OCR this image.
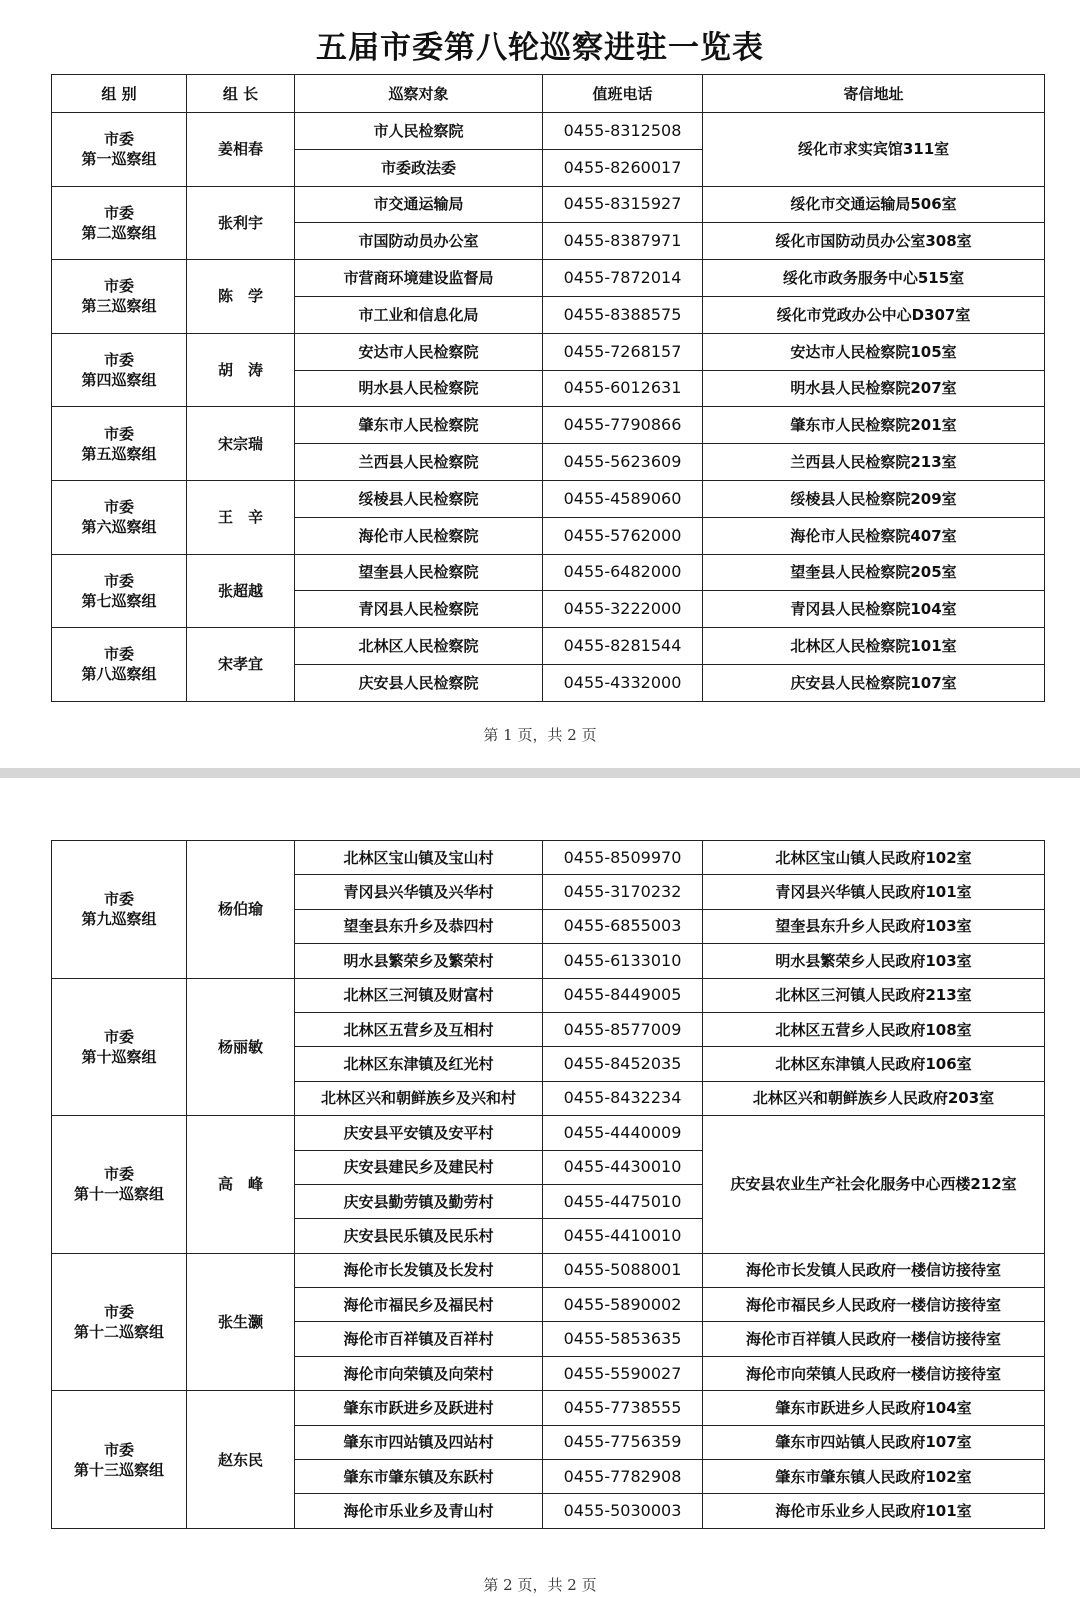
五届市委第八轮巡察进驻一览表
组 别	组 长	巡察对象	值班电话	寄信地址

市委
第一巡察组	姜相春	市人民检察院	0455-8312508	绥化市求实宾馆311室
		市委政法委	0455-8260017	

市委
第二巡察组	张利宇	市交通运输局	0455-8315927	绥化市交通运输局506室
		市国防动员办公室	0455-8387971	绥化市国防动员办公室308室

市委
第三巡察组	陈　学	市营商环境建设监督局	0455-7872014	绥化市政务服务中心515室
		市工业和信息化局	0455-8388575	绥化市党政办公中心D307室

市委
第四巡察组	胡　涛	安达市人民检察院	0455-7268157	安达市人民检察院105室
		明水县人民检察院	0455-6012631	明水县人民检察院207室

市委
第五巡察组	宋宗瑞	肇东市人民检察院	0455-7790866	肇东市人民检察院201室
		兰西县人民检察院	0455-5623609	兰西县人民检察院213室

市委
第六巡察组	王　辛	绥棱县人民检察院	0455-4589060	绥棱县人民检察院209室
		海伦市人民检察院	0455-5762000	海伦市人民检察院407室

市委
第七巡察组	张超越	望奎县人民检察院	0455-6482000	望奎县人民检察院205室
		青冈县人民检察院	0455-3222000	青冈县人民检察院104室

市委
第八巡察组	宋孝宜	北林区人民检察院	0455-8281544	北林区人民检察院101室
		庆安县人民检察院	0455-4332000	庆安县人民检察院107室
第 1 页，共 2 页
市委
第九巡察组	杨伯瑜	北林区宝山镇及宝山村	0455-8509970	北林区宝山镇人民政府102室
		青冈县兴华镇及兴华村	0455-3170232	青冈县兴华镇人民政府101室
		望奎县东升乡及恭四村	0455-6855003	望奎县东升乡人民政府103室
		明水县繁荣乡及繁荣村	0455-6133010	明水县繁荣乡人民政府103室

市委
第十巡察组	杨丽敏	北林区三河镇及财富村	0455-8449005	北林区三河镇人民政府213室
		北林区五营乡及互相村	0455-8577009	北林区五营乡人民政府108室
		北林区东津镇及红光村	0455-8452035	北林区东津镇人民政府106室
		北林区兴和朝鲜族乡及兴和村	0455-8432234	北林区兴和朝鲜族乡人民政府203室

市委
第十一巡察组	高　峰	庆安县平安镇及安平村	0455-4440009	庆安县农业生产社会化服务中心西楼212室
		庆安县建民乡及建民村	0455-4430010	
		庆安县勤劳镇及勤劳村	0455-4475010	
		庆安县民乐镇及民乐村	0455-4410010	

市委
第十二巡察组	张生灏	海伦市长发镇及长发村	0455-5088001	海伦市长发镇人民政府一楼信访接待室
		海伦市福民乡及福民村	0455-5890002	海伦市福民乡人民政府一楼信访接待室
		海伦市百祥镇及百祥村	0455-5853635	海伦市百祥镇人民政府一楼信访接待室
		海伦市向荣镇及向荣村	0455-5590027	海伦市向荣镇人民政府一楼信访接待室

市委
第十三巡察组	赵东民	肇东市跃进乡及跃进村	0455-7738555	肇东市跃进乡人民政府104室
		肇东市四站镇及四站村	0455-7756359	肇东市四站镇人民政府107室
		肇东市肇东镇及东跃村	0455-7782908	肇东市肇东镇人民政府102室
		海伦市乐业乡及青山村	0455-5030003	海伦市乐业乡人民政府101室
第 2 页，共 2 页
